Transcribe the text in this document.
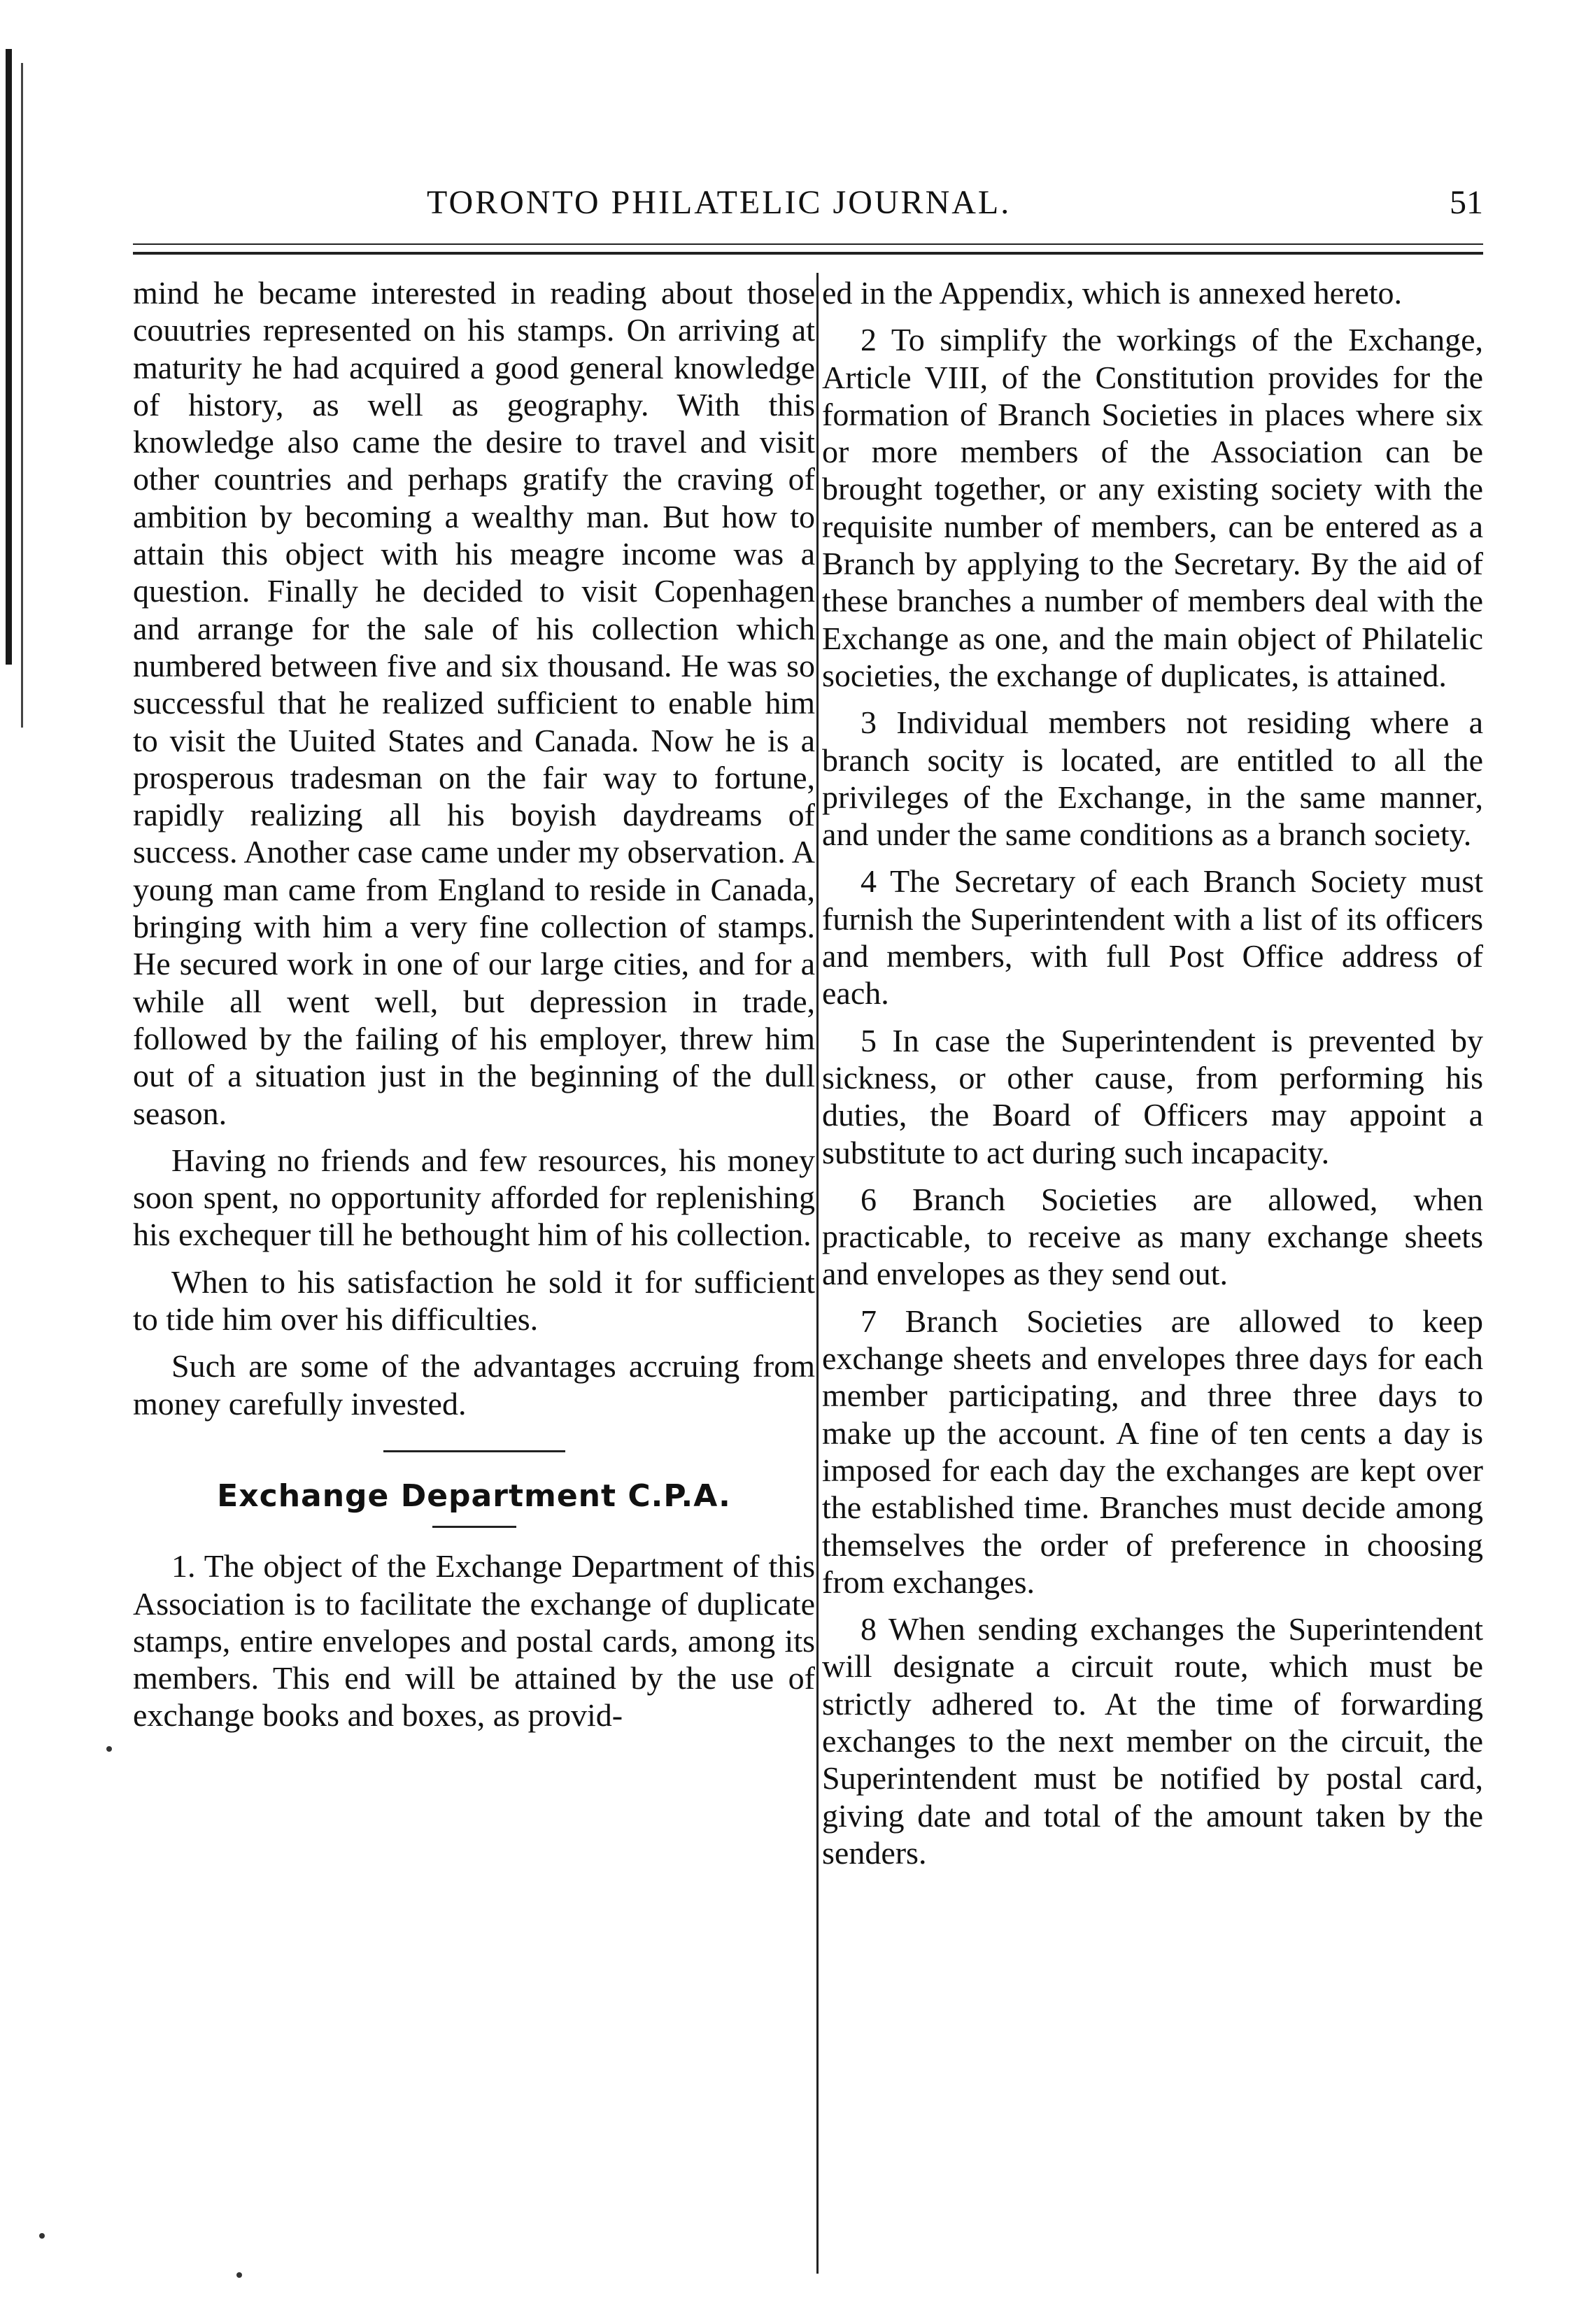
TORONTO PHILATELIC JOURNAL.	51

mind he became interested in reading about those couutries represented on his stamps. On arriving at maturity he had acquired a good general knowledge of history, as well as geography. With this knowledge also came the desire to travel and visit other countries and perhaps gratify the craving of ambition by becoming a wealthy man. But how to attain this object with his meagre income was a question. Finally he decided to visit Copenhagen and arrange for the sale of his collection which numbered between five and six thousand. He was so successful that he realized sufficient to enable him to visit the Uuited States and Canada. Now he is a prosperous tradesman on the fair way to fortune, rapidly realizing all his boyish daydreams of success. Another case came under my observation. A young man came from England to reside in Canada, bringing with him a very fine collection of stamps. He secured work in one of our large cities, and for a while all went well, but depression in trade, followed by the failing of his employer, threw him out of a situation just in the beginning of the dull season.

Having no friends and few resources, his money soon spent, no opportunity afforded for replenishing his exchequer till he bethought him of his collection.

When to his satisfaction he sold it for sufficient to tide him over his difficulties.

Such are some of the advantages accruing from money carefully invested.

Exchange Department C.P.A.

1. The object of the Exchange Department of this Association is to facilitate the exchange of duplicate stamps, entire envelopes and postal cards, among its members. This end will be attained by the use of exchange books and boxes, as provid-

ed in the Appendix, which is annexed hereto.

2 To simplify the workings of the Exchange, Article VIII, of the Constitution provides for the formation of Branch Societies in places where six or more members of the Association can be brought together, or any existing society with the requisite number of members, can be entered as a Branch by applying to the Secretary. By the aid of these branches a number of members deal with the Exchange as one, and the main object of Philatelic societies, the exchange of duplicates, is attained.

3 Individual members not residing where a branch socity is located, are entitled to all the privileges of the Exchange, in the same manner, and under the same conditions as a branch society.

4 The Secretary of each Branch Society must furnish the Superintendent with a list of its officers and members, with full Post Office address of each.

5 In case the Superintendent is prevented by sickness, or other cause, from performing his duties, the Board of Officers may appoint a substitute to act during such incapacity.

6 Branch Societies are allowed, when practicable, to receive as many exchange sheets and envelopes as they send out.

7 Branch Societies are allowed to keep exchange sheets and envelopes three days for each member participating, and three three days to make up the account. A fine of ten cents a day is imposed for each day the exchanges are kept over the established time. Branches must decide among themselves the order of preference in choosing from exchanges.

8 When sending exchanges the Superintendent will designate a circuit route, which must be strictly adhered to. At the time of forwarding exchanges to the next member on the circuit, the Superintendent must be notified by postal card, giving date and total of the amount taken by the senders.
